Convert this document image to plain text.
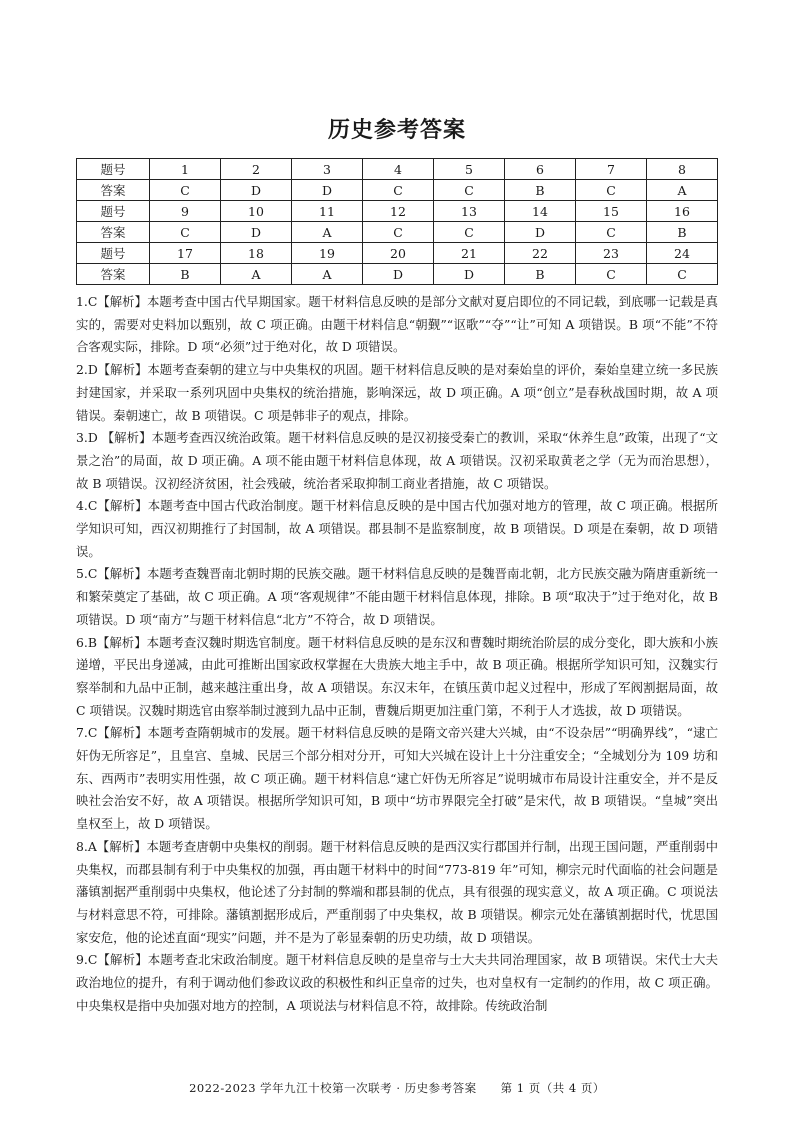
历史参考答案
题号	1	2	3	4	5	6	7	8
答案	C	D	D	C	C	B	C	A
题号	9	10	11	12	13	14	15	16
答案	C	D	A	C	C	D	C	B
题号	17	18	19	20	21	22	23	24
答案	B	A	A	D	D	B	C	C

1.C【解析】本题考查中国古代早期国家。题干材料信息反映的是部分文献对夏启即位的不同记载，到底哪一记载是真实的，需要对史料加以甄别，故 C 项正确。由题干材料信息“朝觐”“讴歌”“夺”“让”可知 A 项错误。B 项“不能”不符合客观实际，排除。D 项“必须”过于绝对化，故 D 项错误。

2.D【解析】本题考查秦朝的建立与中央集权的巩固。题干材料信息反映的是对秦始皇的评价，秦始皇建立统一多民族封建国家，并采取一系列巩固中央集权的统治措施，影响深远，故 D 项正确。A 项“创立”是春秋战国时期，故 A 项错误。秦朝速亡，故 B 项错误。C 项是韩非子的观点，排除。

3.D 【解析】本题考查西汉统治政策。题干材料信息反映的是汉初接受秦亡的教训，采取“休养生息”政策，出现了“文景之治”的局面，故 D 项正确。A 项不能由题干材料信息体现，故 A 项错误。汉初采取黄老之学（无为而治思想），故 B 项错误。汉初经济贫困，社会残破，统治者采取抑制工商业者措施，故 C 项错误。

4.C【解析】本题考查中国古代政治制度。题干材料信息反映的是中国古代加强对地方的管理，故 C 项正确。根据所学知识可知，西汉初期推行了封国制，故 A 项错误。郡县制不是监察制度，故 B 项错误。D 项是在秦朝，故 D 项错误。

5.C【解析】本题考查魏晋南北朝时期的民族交融。题干材料信息反映的是魏晋南北朝，北方民族交融为隋唐重新统一和繁荣奠定了基础，故 C 项正确。A 项“客观规律”不能由题干材料信息体现，排除。B 项“取决于”过于绝对化，故 B 项错误。D 项“南方”与题干材料信息“北方”不符合，故 D 项错误。

6.B【解析】本题考查汉魏时期选官制度。题干材料信息反映的是东汉和曹魏时期统治阶层的成分变化，即大族和小族递增，平民出身递减，由此可推断出国家政权掌握在大贵族大地主手中，故 B 项正确。根据所学知识可知，汉魏实行察举制和九品中正制，越来越注重出身，故 A 项错误。东汉末年，在镇压黄巾起义过程中，形成了军阀割据局面，故 C 项错误。汉魏时期选官由察举制过渡到九品中正制，曹魏后期更加注重门第，不利于人才选拔，故 D 项错误。

7.C【解析】本题考查隋朝城市的发展。题干材料信息反映的是隋文帝兴建大兴城，由“不设杂居”“明确界线”，“逮亡奸伪无所容足”，且皇宫、皇城、民居三个部分相对分开，可知大兴城在设计上十分注重安全；“全城划分为 109 坊和东、西两市”表明实用性强，故 C 项正确。题干材料信息“逮亡奸伪无所容足”说明城市布局设计注重安全，并不是反映社会治安不好，故 A 项错误。根据所学知识可知，B 项中“坊市界限完全打破”是宋代，故 B 项错误。“皇城”突出皇权至上，故 D 项错误。

8.A【解析】本题考查唐朝中央集权的削弱。题干材料信息反映的是西汉实行郡国并行制，出现王国问题，严重削弱中央集权，而郡县制有利于中央集权的加强，再由题干材料中的时间“773-819 年”可知，柳宗元时代面临的社会问题是藩镇割据严重削弱中央集权，他论述了分封制的弊端和郡县制的优点，具有很强的现实意义，故 A 项正确。C 项说法与材料意思不符，可排除。藩镇割据形成后，严重削弱了中央集权，故 B 项错误。柳宗元处在藩镇割据时代，忧思国家安危，他的论述直面“现实”问题，并不是为了彰显秦朝的历史功绩，故 D 项错误。

9.C【解析】本题考查北宋政治制度。题干材料信息反映的是皇帝与士大夫共同治理国家，故 B 项错误。宋代士大夫政治地位的提升，有利于调动他们参政议政的积极性和纠正皇帝的过失，也对皇权有一定制约的作用，故 C 项正确。中央集权是指中央加强对地方的控制，A 项说法与材料信息不符，故排除。传统政治制

2022-2023 学年九江十校第一次联考 · 历史参考答案　　第 1 页（共 4 页）
